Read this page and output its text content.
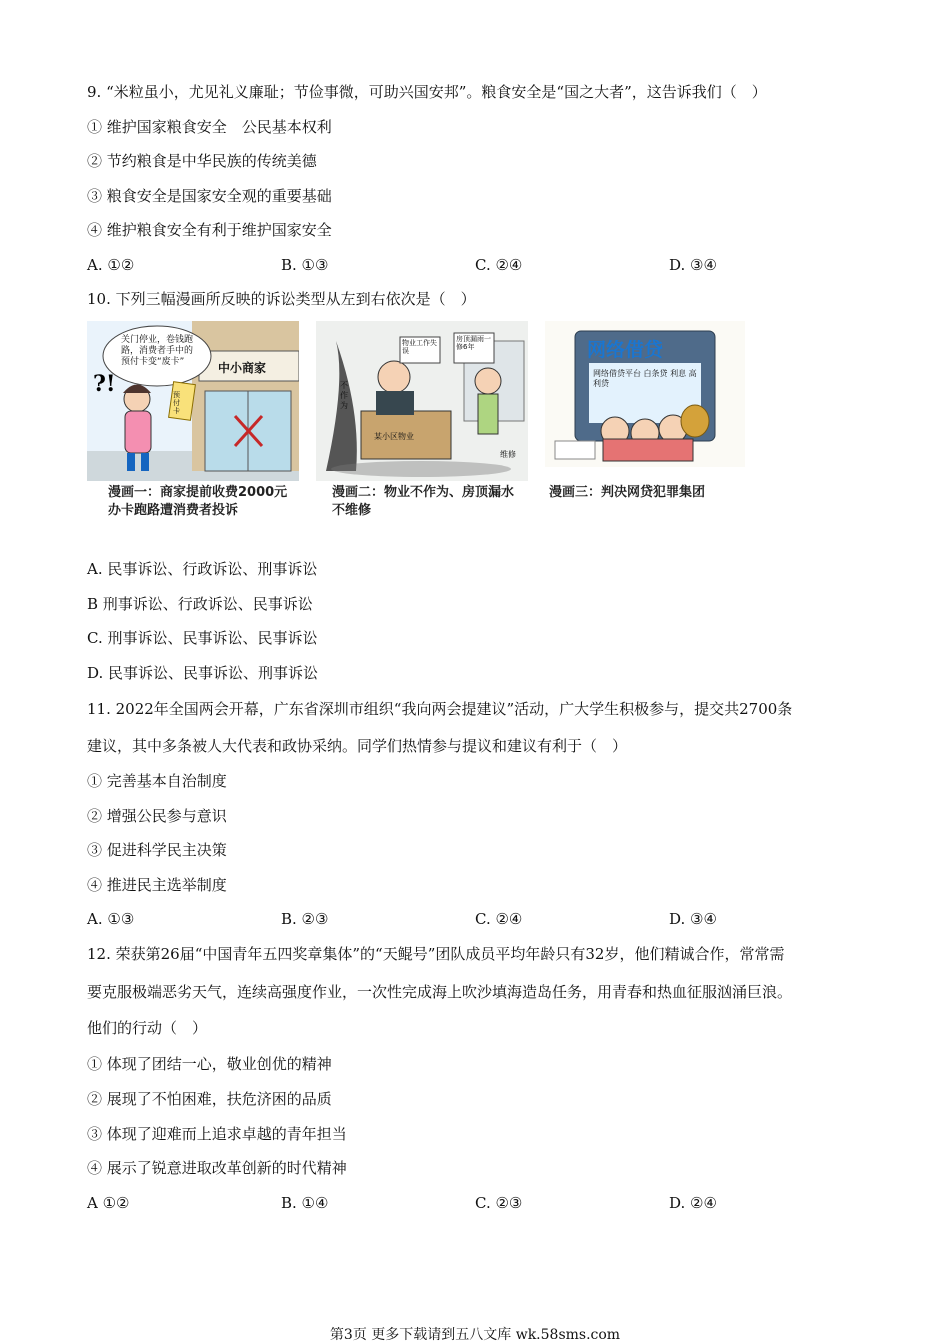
9. “米粒虽小，尤见礼义廉耻；节俭事微，可助兴国安邦”。粮食安全是“国之大者”，这告诉我们（　）
① 维护国家粮食安全　公民基本权利
② 节约粮食是中华民族的传统美德
③ 粮食安全是国家安全观的重要基础
④ 维护粮食安全有利于维护国家安全
A. ①②	B. ①③	C. ②④	D. ③④
10. 下列三幅漫画所反映的诉讼类型从左到右依次是（　）
?!
关门停业，卷钱跑路，消费者手中的预付卡变“废卡”	中小商家
预付卡
漫画一：商家提前收费2000元办卡跑路遭消费者投诉
物业工作失误
房顶漏雨一修6年
不作为
某小区物业
维修
漫画二：物业不作为、房顶漏水不维修
网络借贷
网络借贷平台 白条贷 利息 高利贷
漫画三：判决网贷犯罪集团
A. 民事诉讼、行政诉讼、刑事诉讼
B 刑事诉讼、行政诉讼、民事诉讼
C. 刑事诉讼、民事诉讼、民事诉讼
D. 民事诉讼、民事诉讼、刑事诉讼
11. 2022年全国两会开幕，广东省深圳市组织“我向两会提建议”活动，广大学生积极参与，提交共2700条
建议，其中多条被人大代表和政协采纳。同学们热情参与提议和建议有利于（　）
① 完善基本自治制度
② 增强公民参与意识
③ 促进科学民主决策
④ 推进民主选举制度
A. ①③	B. ②③	C. ②④	D. ③④
12. 荣获第26届“中国青年五四奖章集体”的“天鲲号”团队成员平均年龄只有32岁，他们精诚合作，常常需
要克服极端恶劣天气，连续高强度作业，一次性完成海上吹沙填海造岛任务，用青春和热血征服汹涌巨浪。
他们的行动（　）
① 体现了团结一心，敬业创优的精神
② 展现了不怕困难，扶危济困的品质
③ 体现了迎难而上追求卓越的青年担当
④ 展示了锐意进取改革创新的时代精神
A ①②	B. ①④	C. ②③	D. ②④
第3页 更多下载请到五八文库 wk.58sms.com
